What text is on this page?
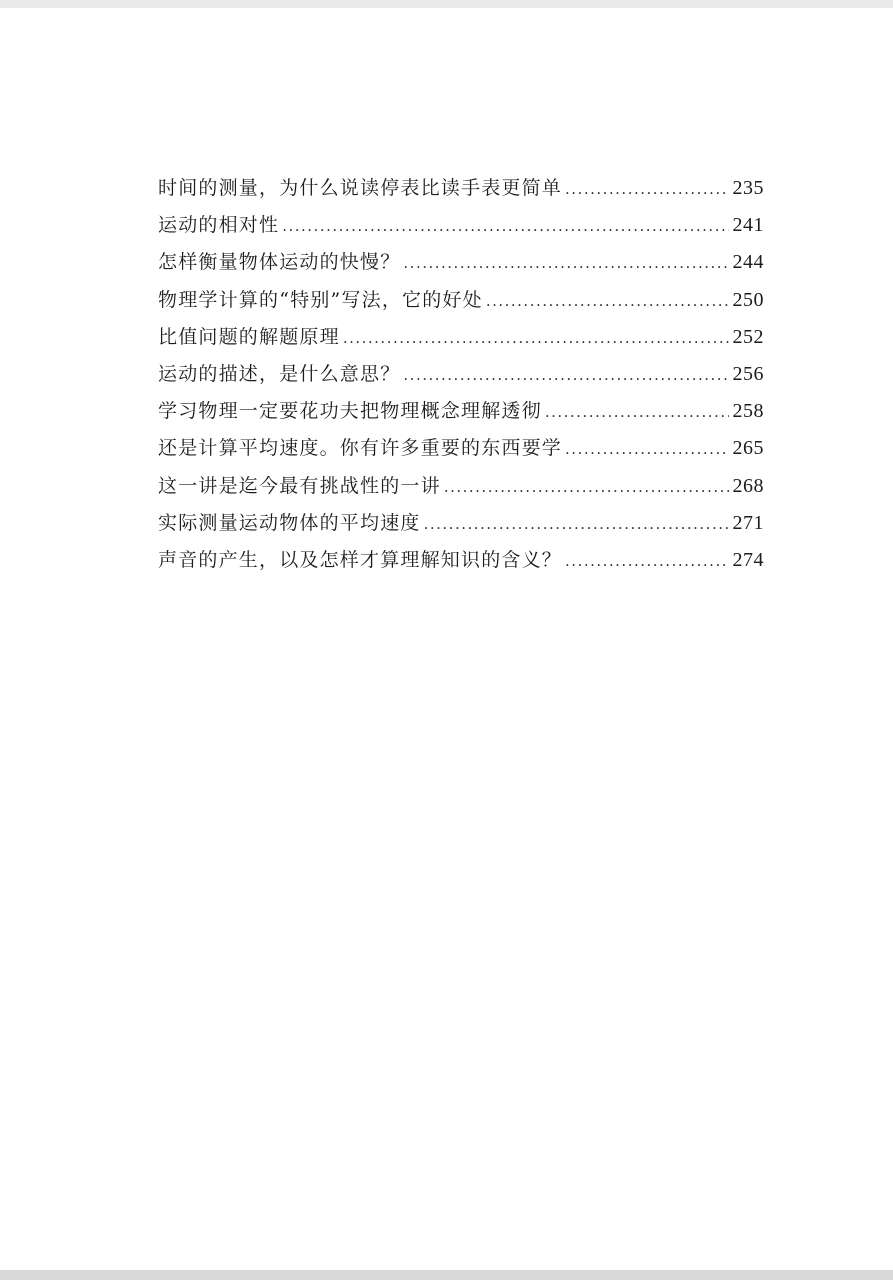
时间的测量，为什么说读停表比读手表更简单 .....	235
运动的相对性 .....	241
怎样衡量物体运动的快慢？ .....	244
物理学计算的“特别”写法，它的好处 .....	250
比值问题的解题原理 .....	252
运动的描述，是什么意思？ .....	256
学习物理一定要花功夫把物理概念理解透彻 .....	258
还是计算平均速度。你有许多重要的东西要学 .....	265
这一讲是迄今最有挑战性的一讲 .....	268
实际测量运动物体的平均速度 .....	271
声音的产生，以及怎样才算理解知识的含义？ .....	274
